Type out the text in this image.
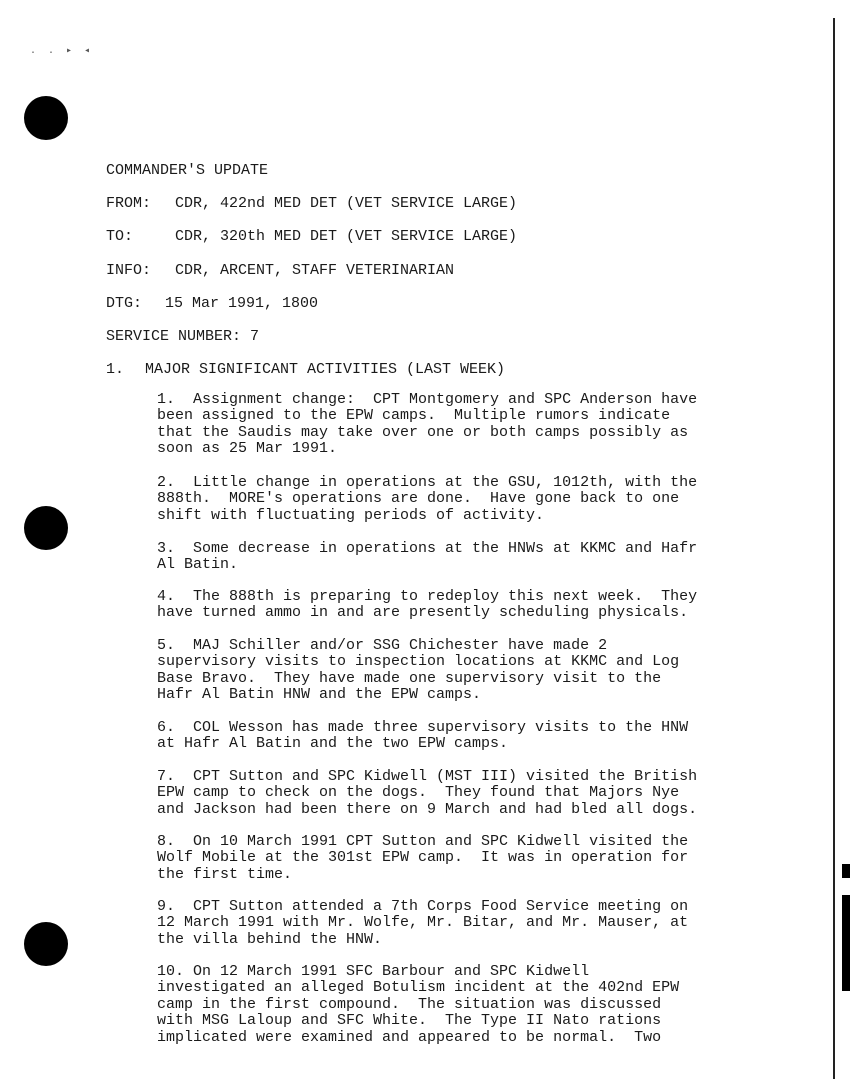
. . ▸ ◂
COMMANDER'S UPDATE
FROM: CDR, 422nd MED DET (VET SERVICE LARGE)
TO:	CDR, 320th MED DET (VET SERVICE LARGE)
INFO: CDR, ARCENT, STAFF VETERINARIAN
DTG: 15 Mar 1991, 1800
SERVICE NUMBER: 7
1. MAJOR SIGNIFICANT ACTIVITIES (LAST WEEK)
1.  Assignment change:  CPT Montgomery and SPC Anderson have
been assigned to the EPW camps.  Multiple rumors indicate
that the Saudis may take over one or both camps possibly as
soon as 25 Mar 1991.
2.  Little change in operations at the GSU, 1012th, with the
888th.  MORE's operations are done.  Have gone back to one
shift with fluctuating periods of activity.
3.  Some decrease in operations at the HNWs at KKMC and Hafr
Al Batin.
4.  The 888th is preparing to redeploy this next week.  They
have turned ammo in and are presently scheduling physicals.
5.  MAJ Schiller and/or SSG Chichester have made 2
supervisory visits to inspection locations at KKMC and Log
Base Bravo.  They have made one supervisory visit to the
Hafr Al Batin HNW and the EPW camps.
6.  COL Wesson has made three supervisory visits to the HNW
at Hafr Al Batin and the two EPW camps.
7.  CPT Sutton and SPC Kidwell (MST III) visited the British
EPW camp to check on the dogs.  They found that Majors Nye
and Jackson had been there on 9 March and had bled all dogs.
8.  On 10 March 1991 CPT Sutton and SPC Kidwell visited the
Wolf Mobile at the 301st EPW camp.  It was in operation for
the first time.
9.  CPT Sutton attended a 7th Corps Food Service meeting on
12 March 1991 with Mr. Wolfe, Mr. Bitar, and Mr. Mauser, at
the villa behind the HNW.
10. On 12 March 1991 SFC Barbour and SPC Kidwell
investigated an alleged Botulism incident at the 402nd EPW
camp in the first compound.  The situation was discussed
with MSG Laloup and SFC White.  The Type II Nato rations
implicated were examined and appeared to be normal.  Two
